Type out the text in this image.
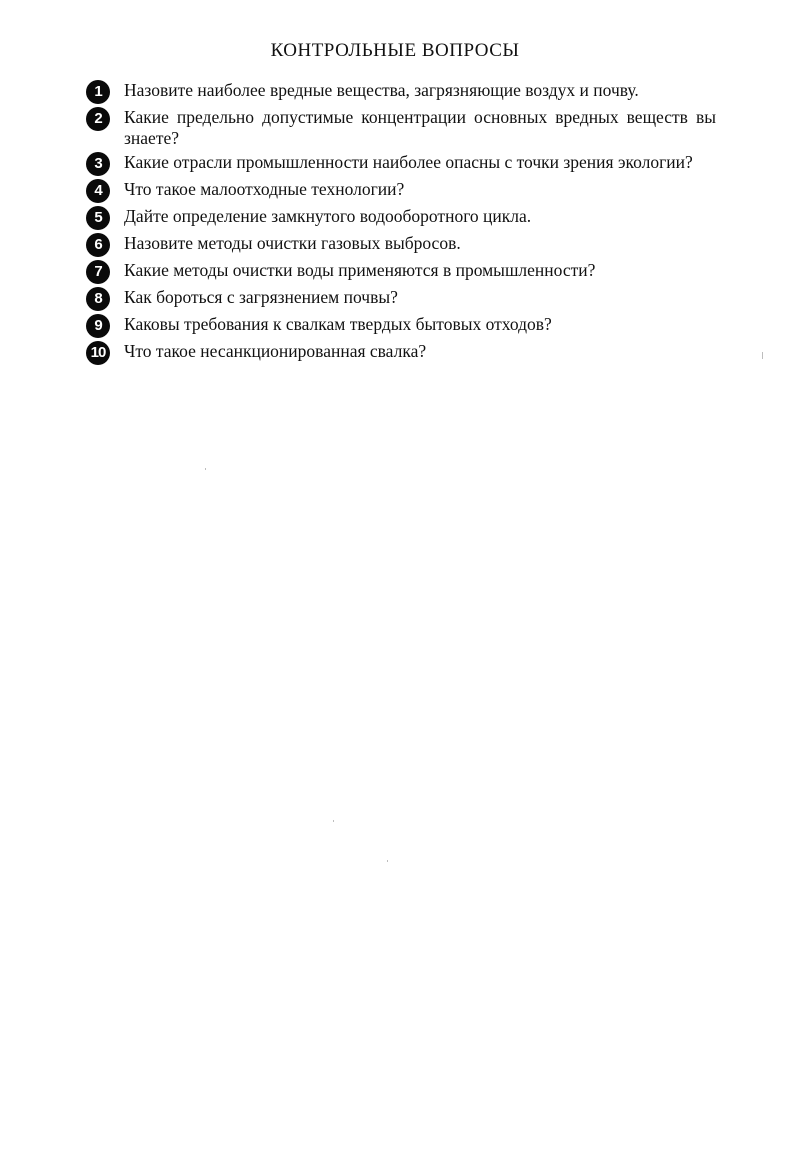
КОНТРОЛЬНЫЕ ВОПРОСЫ
1	Назовите наиболее вредные вещества, загрязняющие воздух и почву.
2	Какие предельно допустимые концентрации основных вредных веществ вы знаете?
3	Какие отрасли промышленности наиболее опасны с точки зрения экологии?
4	Что такое малоотходные технологии?
5	Дайте определение замкнутого водооборотного цикла.
6	Назовите методы очистки газовых выбросов.
7	Какие методы очистки воды применяются в промышленности?
8	Как бороться с загрязнением почвы?
9	Каковы требования к свалкам твердых бытовых отходов?
10 Что такое несанкционированная свалка?
